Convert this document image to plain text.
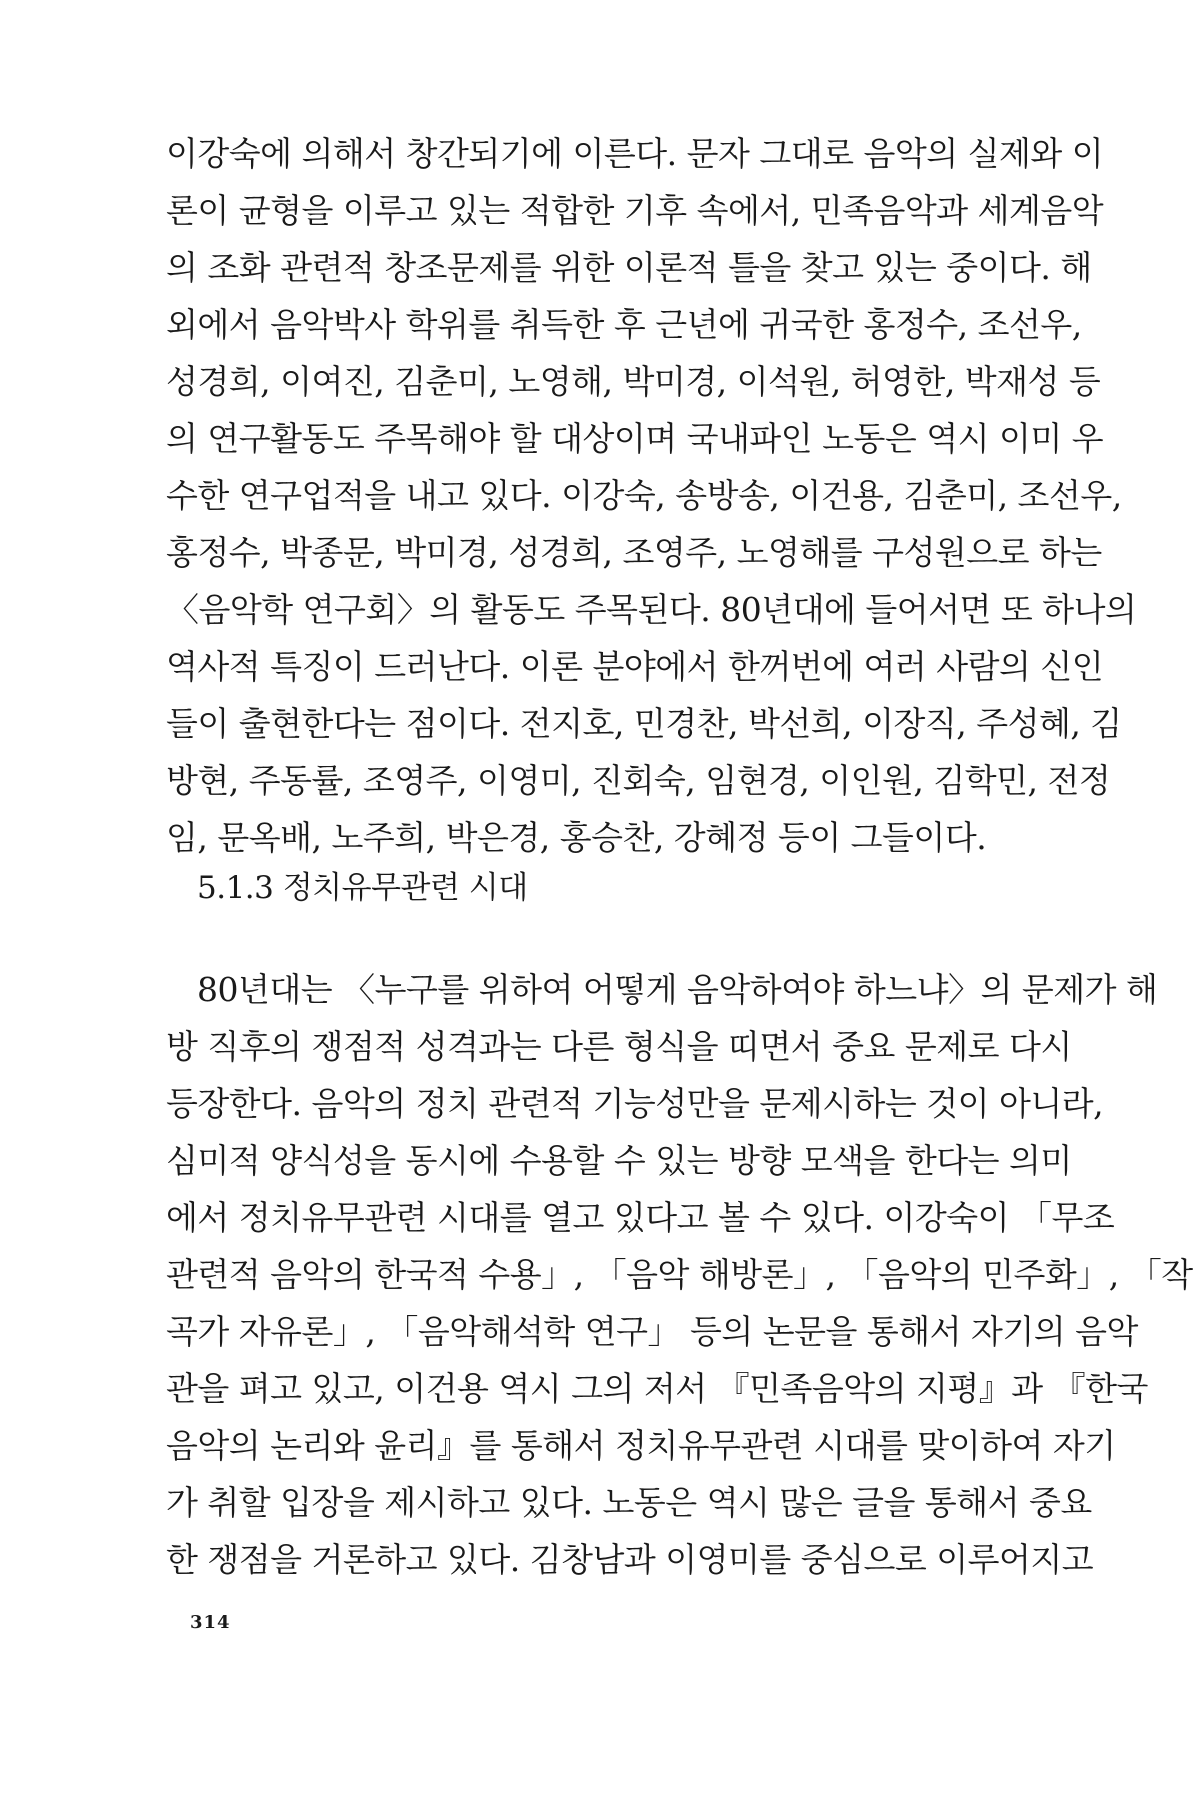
이강숙에 의해서 창간되기에 이른다. 문자 그대로 음악의 실제와 이
론이 균형을 이루고 있는 적합한 기후 속에서, 민족음악과 세계음악
의 조화 관련적 창조문제를 위한 이론적 틀을 찾고 있는 중이다. 해
외에서 음악박사 학위를 취득한 후 근년에 귀국한 홍정수, 조선우,
성경희, 이여진, 김춘미, 노영해, 박미경, 이석원, 허영한, 박재성 등
의 연구활동도 주목해야 할 대상이며 국내파인 노동은 역시 이미 우
수한 연구업적을 내고 있다. 이강숙, 송방송, 이건용, 김춘미, 조선우,
홍정수, 박종문, 박미경, 성경희, 조영주, 노영해를 구성원으로 하는
〈음악학 연구회〉의 활동도 주목된다. 80년대에 들어서면 또 하나의
역사적 특징이 드러난다. 이론 분야에서 한꺼번에 여러 사람의 신인
들이 출현한다는 점이다. 전지호, 민경찬, 박선희, 이장직, 주성혜, 김
방현, 주동률, 조영주, 이영미, 진회숙, 임현경, 이인원, 김학민, 전정
임, 문옥배, 노주희, 박은경, 홍승찬, 강혜정 등이 그들이다.
5.1.3 정치유무관련 시대
80년대는 〈누구를 위하여 어떻게 음악하여야 하느냐〉의 문제가 해
방 직후의 쟁점적 성격과는 다른 형식을 띠면서 중요 문제로 다시
등장한다. 음악의 정치 관련적 기능성만을 문제시하는 것이 아니라,
심미적 양식성을 동시에 수용할 수 있는 방향 모색을 한다는 의미
에서 정치유무관련 시대를 열고 있다고 볼 수 있다. 이강숙이 「무조
관련적 음악의 한국적 수용」, 「음악 해방론」, 「음악의 민주화」, 「작
곡가 자유론」, 「음악해석학 연구」 등의 논문을 통해서 자기의 음악
관을 펴고 있고, 이건용 역시 그의 저서 『민족음악의 지평』과 『한국
음악의 논리와 윤리』를 통해서 정치유무관련 시대를 맞이하여 자기
가 취할 입장을 제시하고 있다. 노동은 역시 많은 글을 통해서 중요
한 쟁점을 거론하고 있다. 김창남과 이영미를 중심으로 이루어지고
314
